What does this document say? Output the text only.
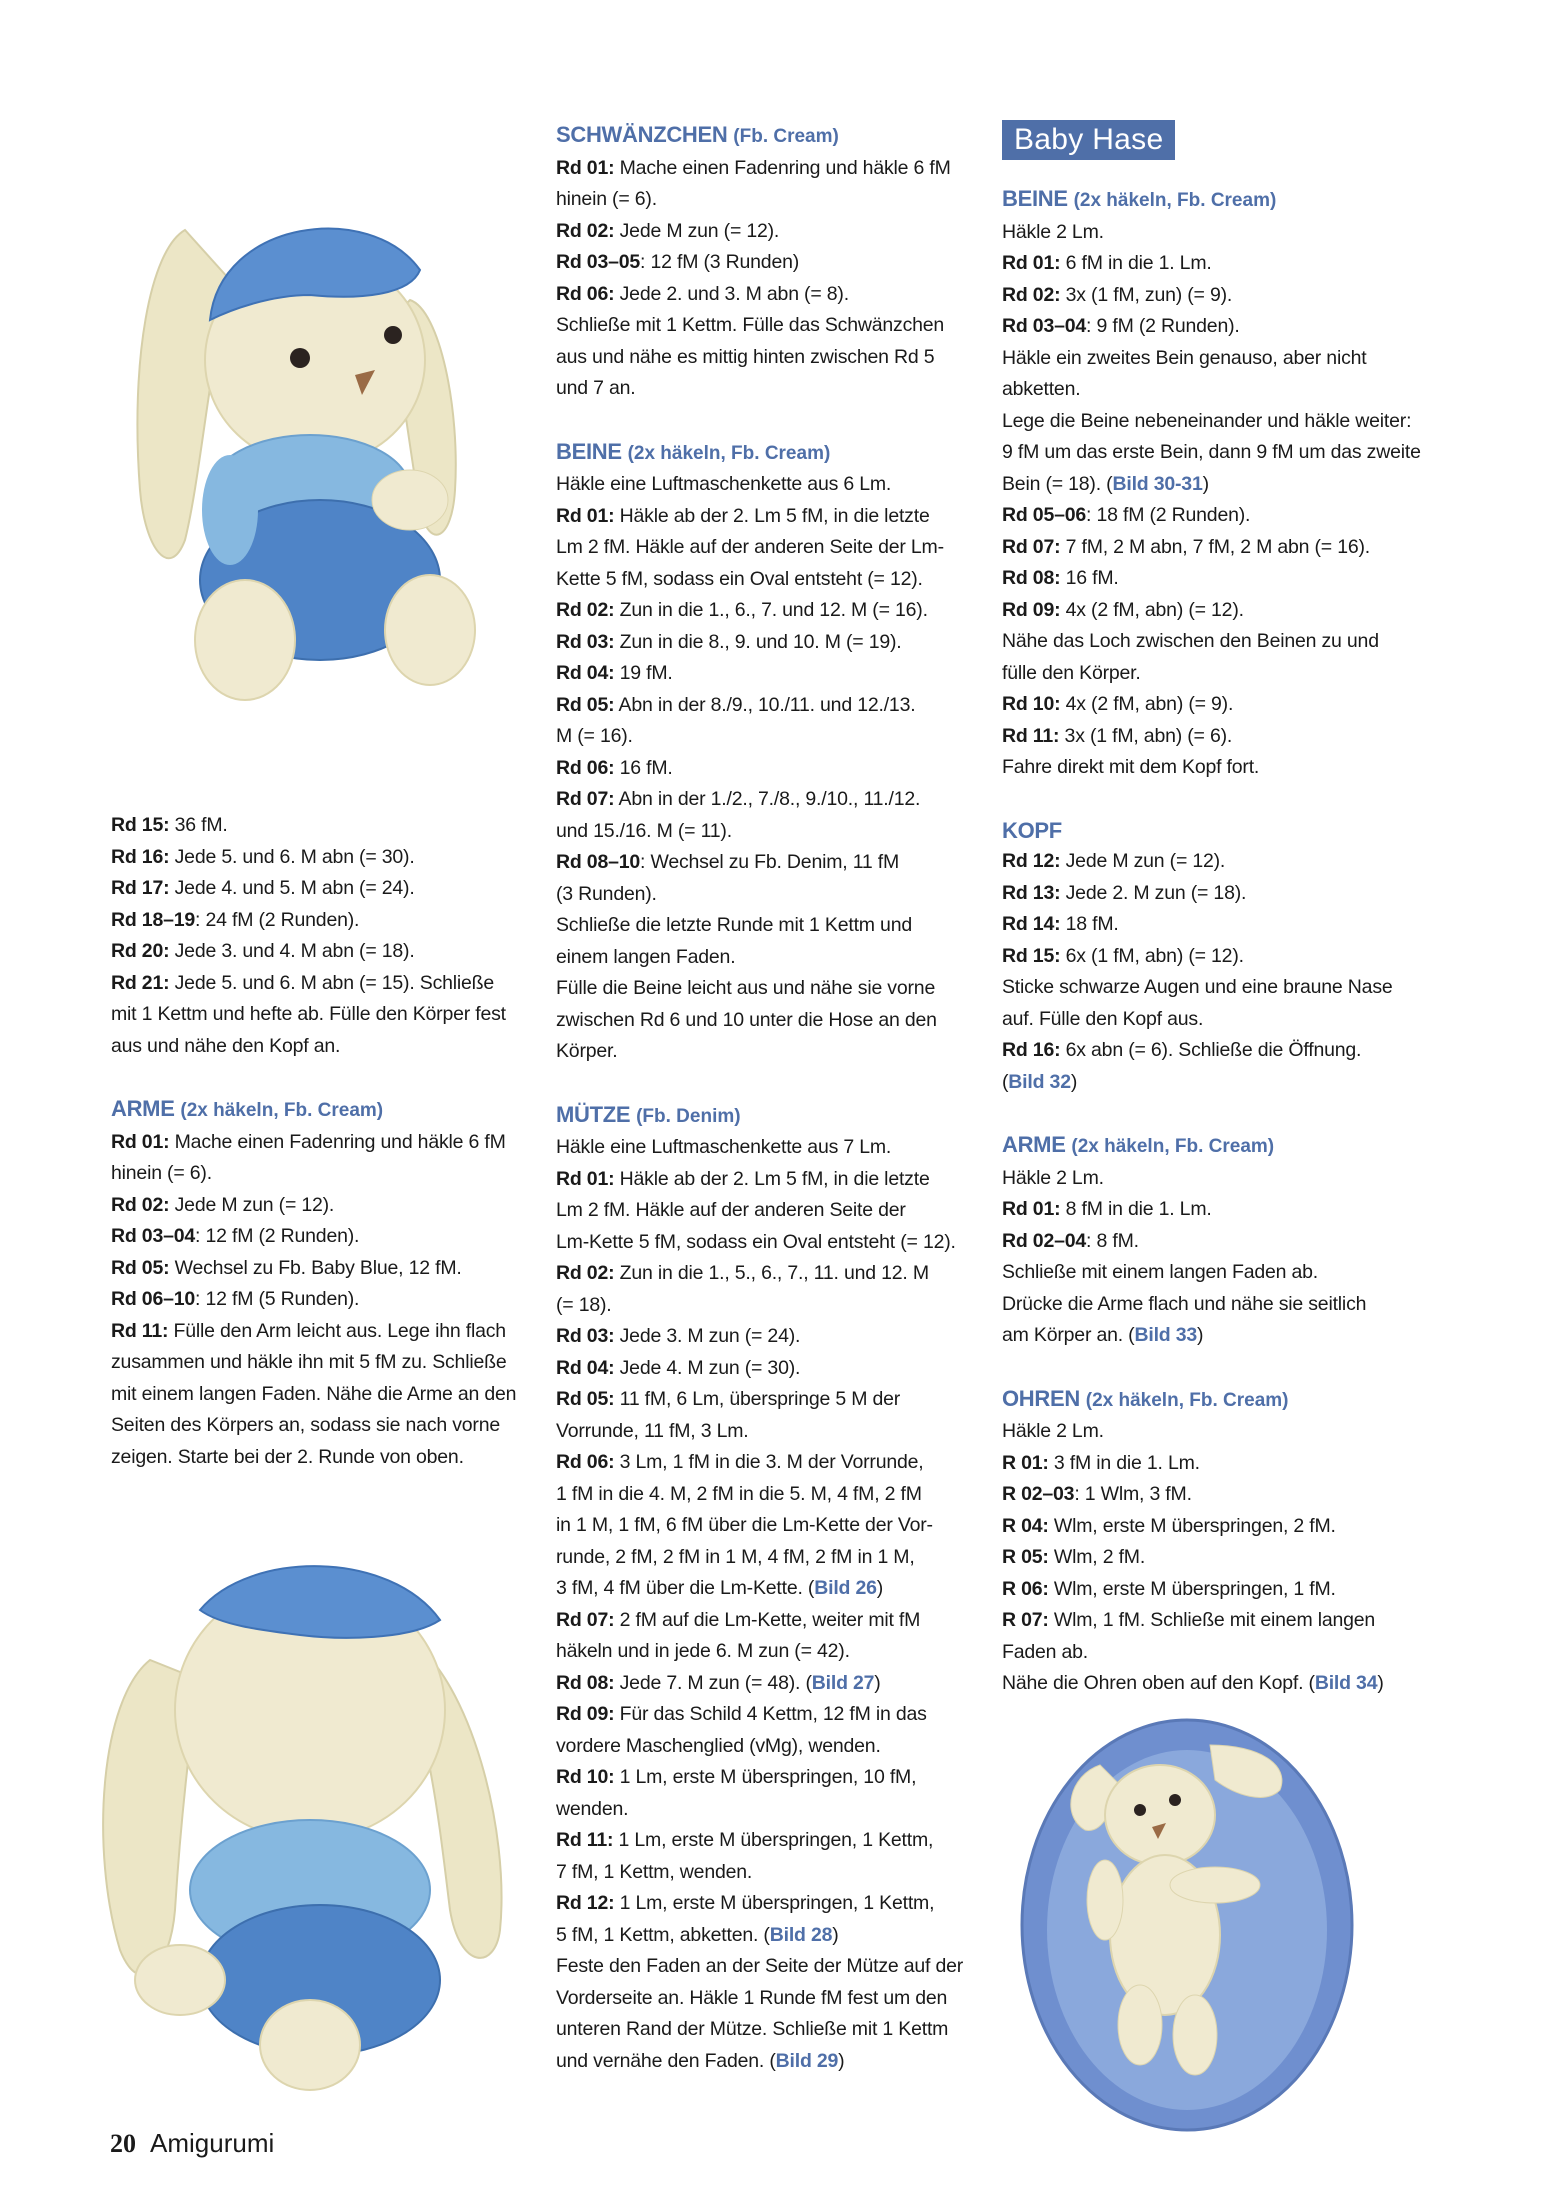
Baby Hase
Rd 15: 36 fM.
Rd 16: Jede 5. und 6. M abn (= 30).
Rd 17: Jede 4. und 5. M abn (= 24).
Rd 18–19: 24 fM (2 Runden).
Rd 20: Jede 3. und 4. M abn (= 18).
Rd 21: Jede 5. und 6. M abn (= 15). Schließe
mit 1 Kettm und hefte ab. Fülle den Körper fest
aus und nähe den Kopf an.
ARME (2x häkeln, Fb. Cream)
Rd 01: Mache einen Fadenring und häkle 6 fM
hinein (= 6).
Rd 02: Jede M zun (= 12).
Rd 03–04: 12 fM (2 Runden).
Rd 05: Wechsel zu Fb. Baby Blue, 12 fM.
Rd 06–10: 12 fM (5 Runden).
Rd 11: Fülle den Arm leicht aus. Lege ihn flach
zusammen und häkle ihn mit 5 fM zu. Schließe
mit einem langen Faden. Nähe die Arme an den
Seiten des Körpers an, sodass sie nach vorne
zeigen. Starte bei der 2. Runde von oben.
SCHWÄNZCHEN (Fb. Cream)
Rd 01: Mache einen Fadenring und häkle 6 fM
hinein (= 6).
Rd 02: Jede M zun (= 12).
Rd 03–05: 12 fM (3 Runden)
Rd 06: Jede 2. und 3. M abn (= 8).
Schließe mit 1 Kettm. Fülle das Schwänzchen
aus und nähe es mittig hinten zwischen Rd 5
und 7 an.
BEINE (2x häkeln, Fb. Cream)
Häkle eine Luftmaschenkette aus 6 Lm.
Rd 01: Häkle ab der 2. Lm 5 fM, in die letzte
Lm 2 fM. Häkle auf der anderen Seite der Lm-
Kette 5 fM, sodass ein Oval entsteht (= 12).
Rd 02: Zun in die 1., 6., 7. und 12. M (= 16).
Rd 03: Zun in die 8., 9. und 10. M (= 19).
Rd 04: 19 fM.
Rd 05: Abn in der 8./9., 10./11. und 12./13.
M (= 16).
Rd 06: 16 fM.
Rd 07: Abn in der 1./2., 7./8., 9./10., 11./12.
und 15./16. M (= 11).
Rd 08–10: Wechsel zu Fb. Denim, 11 fM
(3 Runden).
Schließe die letzte Runde mit 1 Kettm und
einem langen Faden.
Fülle die Beine leicht aus und nähe sie vorne
zwischen Rd 6 und 10 unter die Hose an den
Körper.
MÜTZE (Fb. Denim)
Häkle eine Luftmaschenkette aus 7 Lm.
Rd 01: Häkle ab der 2. Lm 5 fM, in die letzte
Lm 2 fM. Häkle auf der anderen Seite der
Lm-Kette 5 fM, sodass ein Oval entsteht (= 12).
Rd 02: Zun in die 1., 5., 6., 7., 11. und 12. M
(= 18).
Rd 03: Jede 3. M zun (= 24).
Rd 04: Jede 4. M zun (= 30).
Rd 05: 11 fM, 6 Lm, überspringe 5 M der
Vorrunde, 11 fM, 3 Lm.
Rd 06: 3 Lm, 1 fM in die 3. M der Vorrunde,
1 fM in die 4. M, 2 fM in die 5. M, 4 fM, 2 fM
in 1 M, 1 fM, 6 fM über die Lm-Kette der Vor-
runde, 2 fM, 2 fM in 1 M, 4 fM, 2 fM in 1 M,
3 fM, 4 fM über die Lm-Kette. (Bild 26)
Rd 07: 2 fM auf die Lm-Kette, weiter mit fM
häkeln und in jede 6. M zun (= 42).
Rd 08: Jede 7. M zun (= 48). (Bild 27)
Rd 09: Für das Schild 4 Kettm, 12 fM in das
vordere Maschenglied (vMg), wenden.
Rd 10: 1 Lm, erste M überspringen, 10 fM,
wenden.
Rd 11: 1 Lm, erste M überspringen, 1 Kettm,
7 fM, 1 Kettm, wenden.
Rd 12: 1 Lm, erste M überspringen, 1 Kettm,
5 fM, 1 Kettm, abketten. (Bild 28)
Feste den Faden an der Seite der Mütze auf der
Vorderseite an. Häkle 1 Runde fM fest um den
unteren Rand der Mütze. Schließe mit 1 Kettm
und vernähe den Faden. (Bild 29)
BEINE (2x häkeln, Fb. Cream)
Häkle 2 Lm.
Rd 01: 6 fM in die 1. Lm.
Rd 02: 3x (1 fM, zun) (= 9).
Rd 03–04: 9 fM (2 Runden).
Häkle ein zweites Bein genauso, aber nicht
abketten.
Lege die Beine nebeneinander und häkle weiter:
9 fM um das erste Bein, dann 9 fM um das zweite
Bein (= 18). (Bild 30-31)
Rd 05–06: 18 fM (2 Runden).
Rd 07: 7 fM, 2 M abn, 7 fM, 2 M abn (= 16).
Rd 08: 16 fM.
Rd 09: 4x (2 fM, abn) (= 12).
Nähe das Loch zwischen den Beinen zu und
fülle den Körper.
Rd 10: 4x (2 fM, abn) (= 9).
Rd 11: 3x (1 fM, abn) (= 6).
Fahre direkt mit dem Kopf fort.
KOPF
Rd 12: Jede M zun (= 12).
Rd 13: Jede 2. M zun (= 18).
Rd 14: 18 fM.
Rd 15: 6x (1 fM, abn) (= 12).
Sticke schwarze Augen und eine braune Nase
auf. Fülle den Kopf aus.
Rd 16: 6x abn (= 6). Schließe die Öffnung.
(Bild 32)
ARME (2x häkeln, Fb. Cream)
Häkle 2 Lm.
Rd 01: 8 fM in die 1. Lm.
Rd 02–04: 8 fM.
Schließe mit einem langen Faden ab.
Drücke die Arme flach und nähe sie seitlich
am Körper an. (Bild 33)
OHREN (2x häkeln, Fb. Cream)
Häkle 2 Lm.
R 01: 3 fM in die 1. Lm.
R 02–03: 1 Wlm, 3 fM.
R 04: Wlm, erste M überspringen, 2 fM.
R 05: Wlm, 2 fM.
R 06: Wlm, erste M überspringen, 1 fM.
R 07: Wlm, 1 fM. Schließe mit einem langen
Faden ab.
Nähe die Ohren oben auf den Kopf. (Bild 34)
20 Amigurumi
